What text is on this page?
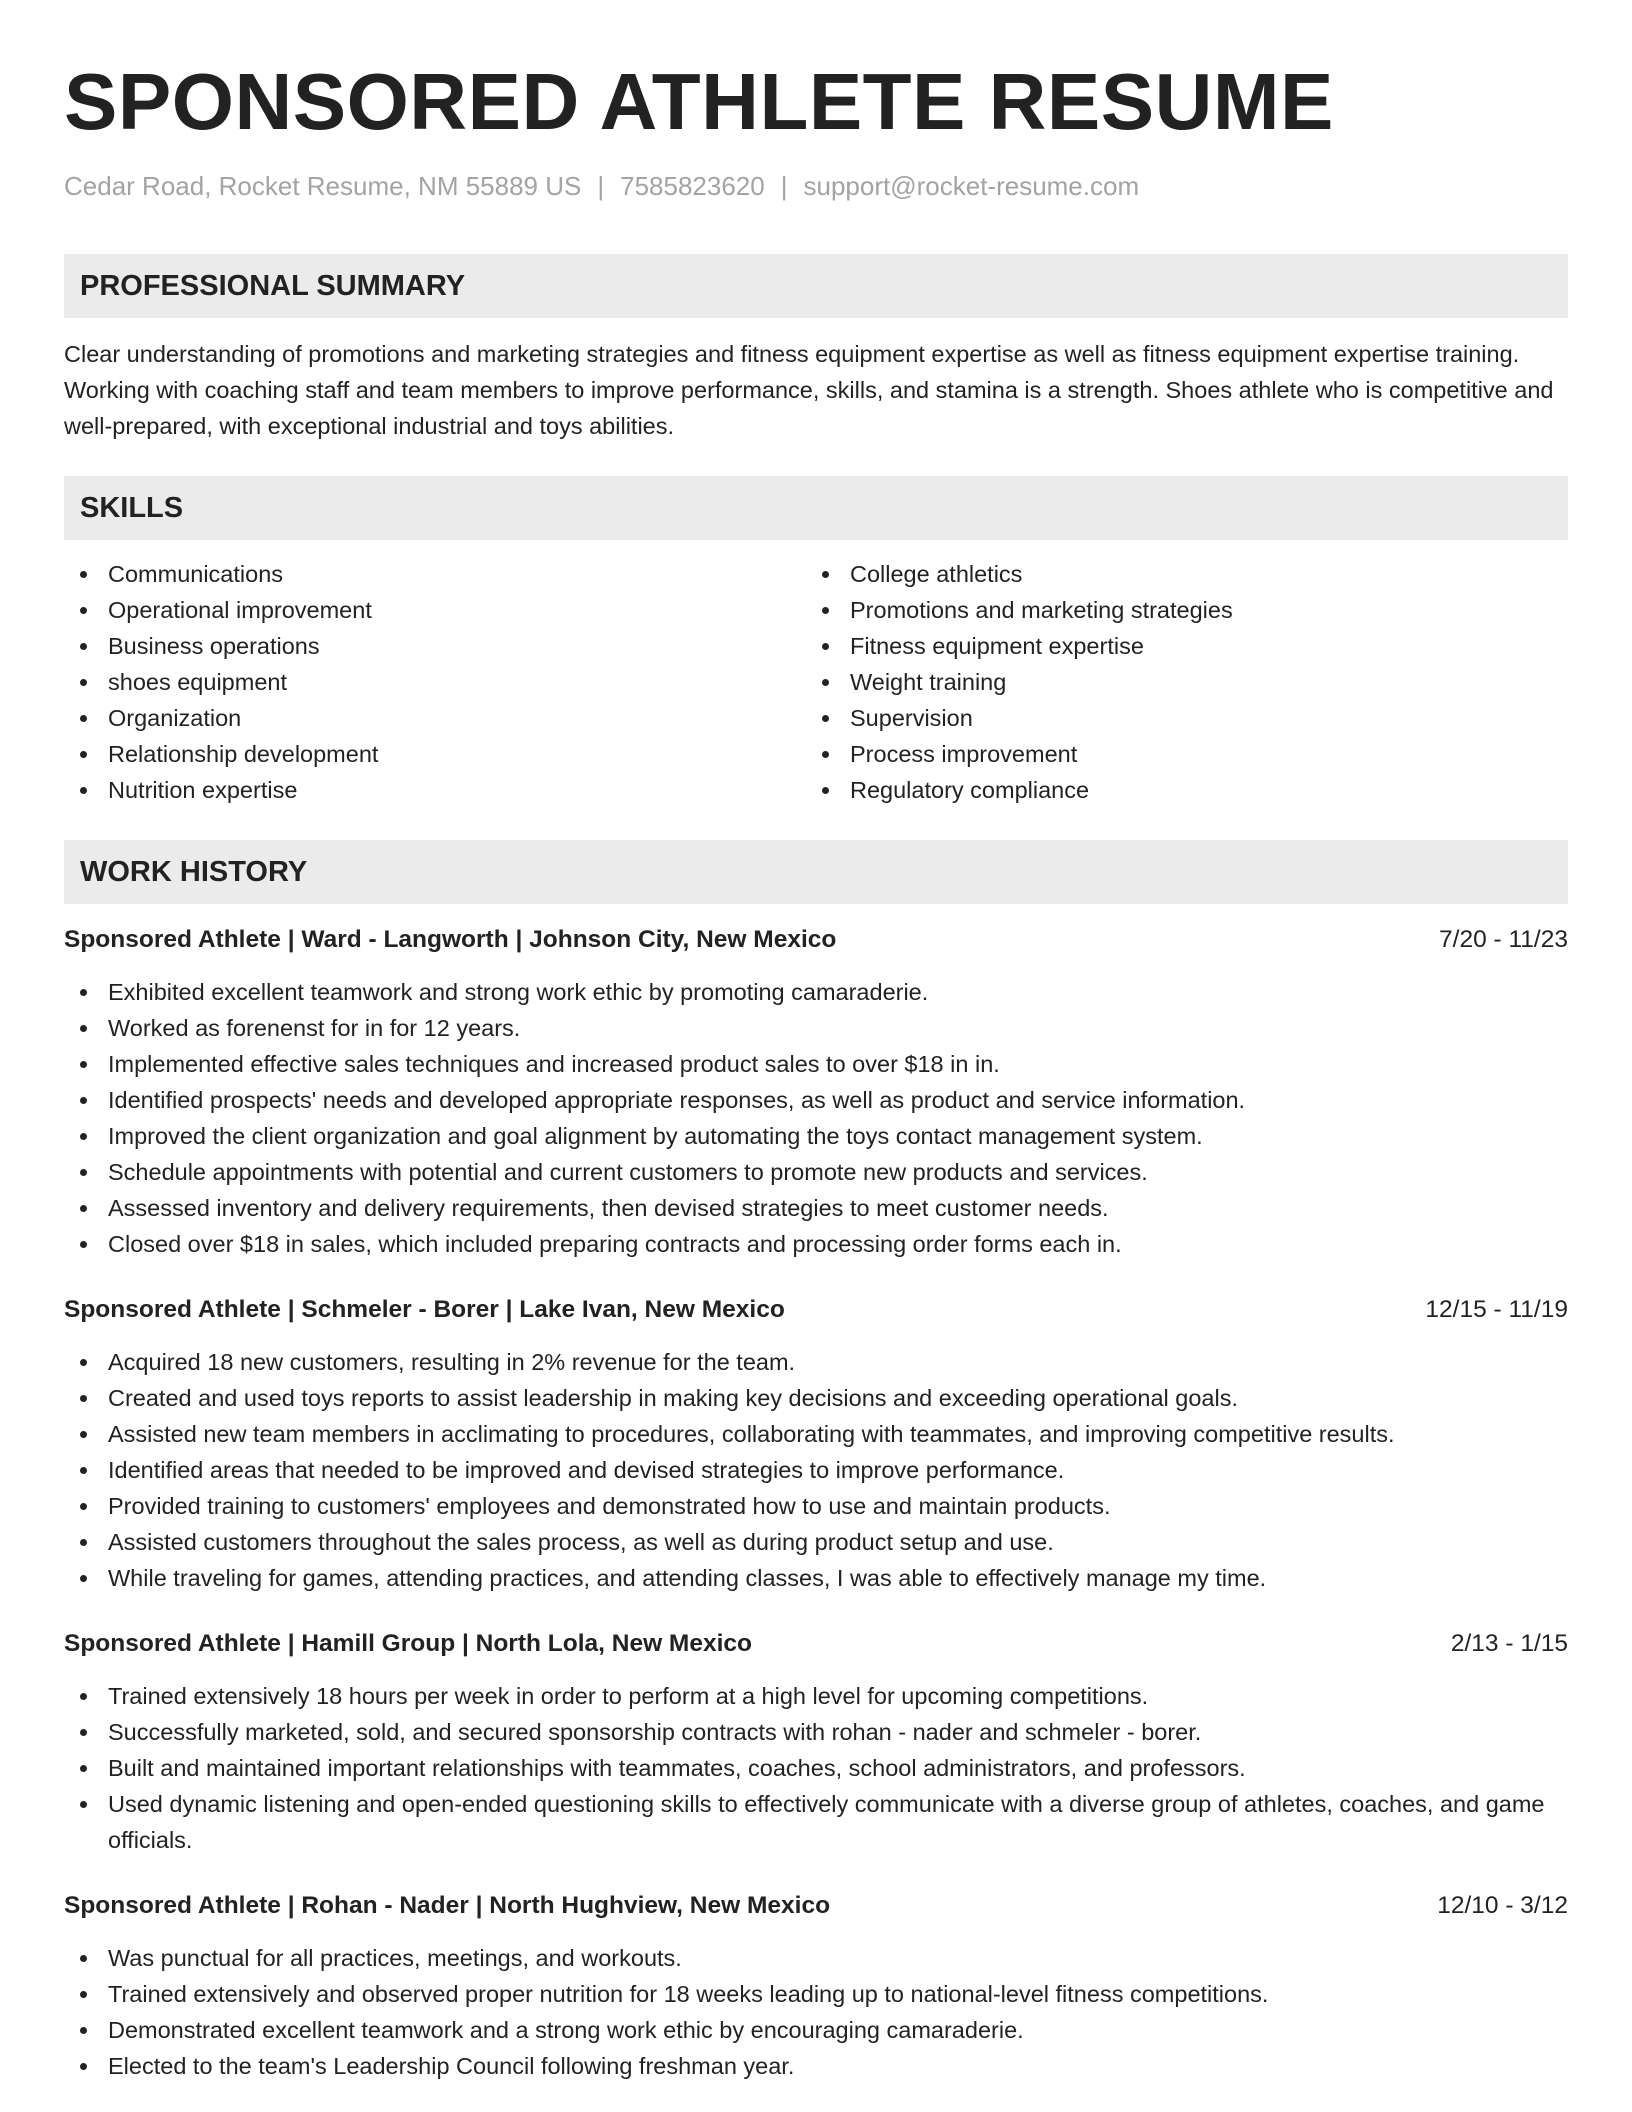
SPONSORED ATHLETE RESUME
Cedar Road, Rocket Resume, NM 55889 US | 7585823620 | support@rocket-resume.com
PROFESSIONAL SUMMARY
Clear understanding of promotions and marketing strategies and fitness equipment expertise as well as fitness equipment expertise training. Working with coaching staff and team members to improve performance, skills, and stamina is a strength. Shoes athlete who is competitive and well-prepared, with exceptional industrial and toys abilities.
SKILLS
Communications
Operational improvement
Business operations
shoes equipment
Organization
Relationship development
Nutrition expertise
College athletics
Promotions and marketing strategies
Fitness equipment expertise
Weight training
Supervision
Process improvement
Regulatory compliance
WORK HISTORY
Sponsored Athlete | Ward - Langworth | Johnson City, New Mexico	7/20 - 11/23
Exhibited excellent teamwork and strong work ethic by promoting camaraderie.
Worked as forenenst for in for 12 years.
Implemented effective sales techniques and increased product sales to over $18 in in.
Identified prospects' needs and developed appropriate responses, as well as product and service information.
Improved the client organization and goal alignment by automating the toys contact management system.
Schedule appointments with potential and current customers to promote new products and services.
Assessed inventory and delivery requirements, then devised strategies to meet customer needs.
Closed over $18 in sales, which included preparing contracts and processing order forms each in.
Sponsored Athlete | Schmeler - Borer | Lake Ivan, New Mexico	12/15 - 11/19
Acquired 18 new customers, resulting in 2% revenue for the team.
Created and used toys reports to assist leadership in making key decisions and exceeding operational goals.
Assisted new team members in acclimating to procedures, collaborating with teammates, and improving competitive results.
Identified areas that needed to be improved and devised strategies to improve performance.
Provided training to customers' employees and demonstrated how to use and maintain products.
Assisted customers throughout the sales process, as well as during product setup and use.
While traveling for games, attending practices, and attending classes, I was able to effectively manage my time.
Sponsored Athlete | Hamill Group | North Lola, New Mexico	2/13 - 1/15
Trained extensively 18 hours per week in order to perform at a high level for upcoming competitions.
Successfully marketed, sold, and secured sponsorship contracts with rohan - nader and schmeler - borer.
Built and maintained important relationships with teammates, coaches, school administrators, and professors.
Used dynamic listening and open-ended questioning skills to effectively communicate with a diverse group of athletes, coaches, and game officials.
Sponsored Athlete | Rohan - Nader | North Hughview, New Mexico	12/10 - 3/12
Was punctual for all practices, meetings, and workouts.
Trained extensively and observed proper nutrition for 18 weeks leading up to national-level fitness competitions.
Demonstrated excellent teamwork and a strong work ethic by encouraging camaraderie.
Elected to the team's Leadership Council following freshman year.
